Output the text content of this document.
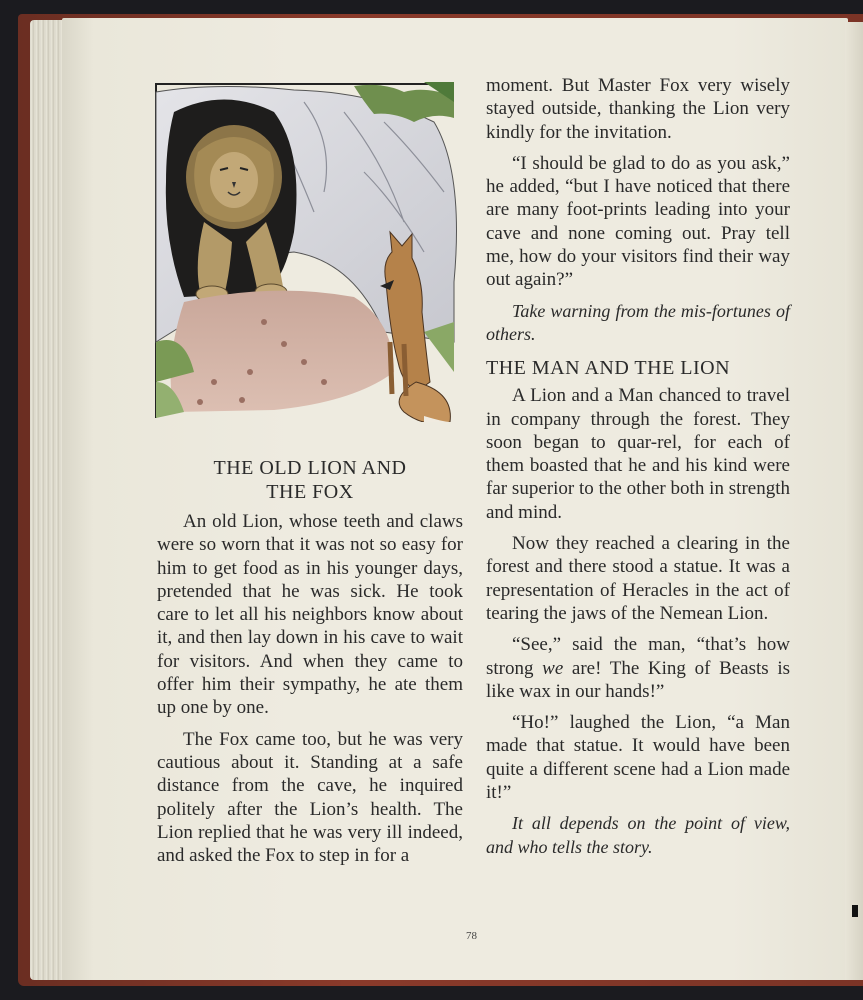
THE OLD LION AND
THE FOX

An old Lion, whose teeth and claws were so worn that it was not so easy for him to get food as in his younger days, pretended that he was sick. He took care to let all his neighbors know about it, and then lay down in his cave to wait for visitors. And when they came to offer him their sympathy, he ate them up one by one.

The Fox came too, but he was very cautious about it. Standing at a safe distance from the cave, he inquired politely after the Lion’s health. The Lion replied that he was very ill indeed, and asked the Fox to step in for a

moment. But Master Fox very wisely stayed outside, thanking the Lion very kindly for the invitation.

“I should be glad to do as you ask,” he added, “but I have noticed that there are many foot-prints leading into your cave and none coming out. Pray tell me, how do your visitors find their way out again?”

Take warning from the mis-fortunes of others.

THE MAN AND THE LION

A Lion and a Man chanced to travel in company through the forest. They soon began to quar-rel, for each of them boasted that he and his kind were far superior to the other both in strength and mind.

Now they reached a clearing in the forest and there stood a statue. It was a representation of Heracles in the act of tearing the jaws of the Nemean Lion.

“See,” said the man, “that’s how strong we are! The King of Beasts is like wax in our hands!”

“Ho!” laughed the Lion, “a Man made that statue. It would have been quite a different scene had a Lion made it!”

It all depends on the point of view, and who tells the story.

78
